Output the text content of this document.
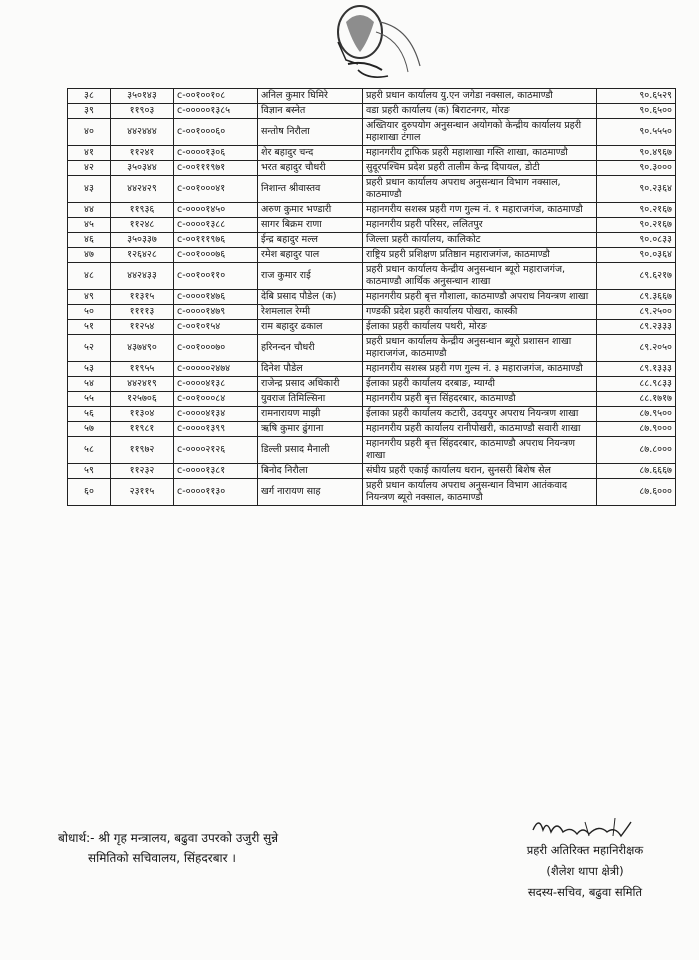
३८	३५०१४३	c-००१००१०८	अनिल कुमार घिमिरे	प्रहरी प्रधान कार्यालय यु.एन जगेडा नक्साल, काठमाण्डौ	९०.६५२९
३९	११९०३	c-०००००१३८५	विज्ञान बस्नेत	वडा प्रहरी कार्यालय (क) बिराटनगर, मोरङ	९०.६५००
४०	४४२४४४	c-००१०००६०	सन्तोष निरौला	अख्तियार दुरुपयोग अनुसन्धान अयोगको केन्द्रीय कार्यालय प्रहरी महाशाखा टंगाल	९०.५५५०
४१	११२४१	c-००००१३०६	शेर बहादुर चन्द	महानगरीय ट्राफिक प्रहरी महाशाखा गस्ति शाखा, काठमाण्डौ	९०.४९६७
४२	३५०३४४	c-००१११९७१	भरत बहादुर चौधरी	सुदूरपश्चिम प्रदेश प्रहरी तालीम केन्द्र दिपायल, डोटी	९०.३०००
४३	४४२४२९	c-००१०००४१	निशान्त श्रीवास्तव	प्रहरी प्रधान कार्यालय अपराध अनुसन्धान विभाग नक्साल, काठमाण्डौ	९०.२३६४
४४	११९३६	c-००००१४५०	अरुण कुमार भण्डारी	महानगरीय सशस्त्र प्रहरी गण गुल्म नं. १ महाराजगंज, काठमाण्डौ	९०.२१६७
४५	११२४८	c-००००१३८८	सागर बिक्रम राणा	महानगरीय प्रहरी परिसर, ललितपुर	९०.२१६७
४६	३५०३३७	c-००१११९७६	ईन्द्र बहादुर मल्ल	जिल्ला प्रहरी कार्यालय, कालिकोट	९०.०८३३
४७	१२६४२८	c-००१०००७६	रमेश बहादुर पाल	राष्ट्रिय प्रहरी प्रशिक्षण प्रतिष्ठान महाराजगंज, काठमाण्डौ	९०.०३६४
४८	४४२४३३	c-००१००११०	राज कुमार राई	प्रहरी प्रधान कार्यालय केन्द्रीय अनुसन्धान ब्यूरो महाराजगंज, काठमाण्डौ आर्थिक अनुसन्धान शाखा	८९.६२१७
४९	११३१५	c-००००१४७६	देबि प्रसाद पौडेल (क)	महानगरीय प्रहरी बृत्त गौशाला, काठमाण्डौ अपराध नियन्त्रण शाखा	८९.३६६७
५०	११११३	c-००००१४७९	रेशमलाल रेग्मी	गण्डकी प्रदेश प्रहरी कार्यालय पोखरा, कास्की	८९.२५००
५१	११२५४	c-००१०१५४	राम बहादुर ढकाल	ईलाका प्रहरी कार्यालय पथरी, मोरङ	८९.२३३३
५२	४३७४९०	c-००१०००७०	हरिनन्दन चौधरी	प्रहरी प्रधान कार्यालय केन्द्रीय अनुसन्धान ब्यूरो प्रशासन शाखा महाराजगंज, काठमाण्डौ	८९.२०५०
५३	११९५५	c-०००००२४७४	दिनेश पौडेल	महानगरीय सशस्त्र प्रहरी गण गुल्म नं. ३ महाराजगंज, काठमाण्डौ	८९.१३३३
५४	४४२४१९	c-००००४१३८	राजेन्द्र प्रसाद अधिकारी	ईलाका प्रहरी कार्यालय दरबाङ, म्याग्दी	८८.९८३३
५५	१२५७०६	c-००१०००८४	युवराज तिमिल्सिना	महानगरीय प्रहरी बृत्त सिंहदरबार, काठमाण्डौ	८८.१७१७
५६	११३०४	c-००००४१३४	रामनारायण माझी	ईलाका प्रहरी कार्यालय कटारी, उदयपुर अपराध नियन्त्रण शाखा	८७.९५००
५७	११९८१	c-००००१३९९	ऋषि कुमार ढुंगाना	महानगरीय प्रहरी कार्यालय रानीपोखरी, काठमाण्डौ सवारी शाखा	८७.९०००
५८	११९७२	c-००००२१२६	डिल्ली प्रसाद मैनाली	महानगरीय प्रहरी बृत्त सिंहदरबार, काठमाण्डौ अपराध नियन्त्रण शाखा	८७.८०००
५९	११२३२	c-००००१३८१	बिनोद निरौला	संघीय प्रहरी एकाई कार्यालय धरान, सुनसरी बिशेष सेल	८७.६६६७
६०	२३११५	c-००००११३०	खर्ग नारायण साह	प्रहरी प्रधान कार्यालय अपराध अनुसन्धान विभाग आतंकवाद नियन्त्रण ब्यूरो नक्साल, काठमाण्डौ	८७.६०००
बोधार्थ:- श्री गृह मन्त्रालय, बढुवा उपरको उजुरी सुन्ने
समितिको सचिवालय, सिंहदरबार ।
प्रहरी अतिरिक्त महानिरीक्षक
(शैलेश थापा क्षेत्री)
सदस्य-सचिव, बढुवा समिति
